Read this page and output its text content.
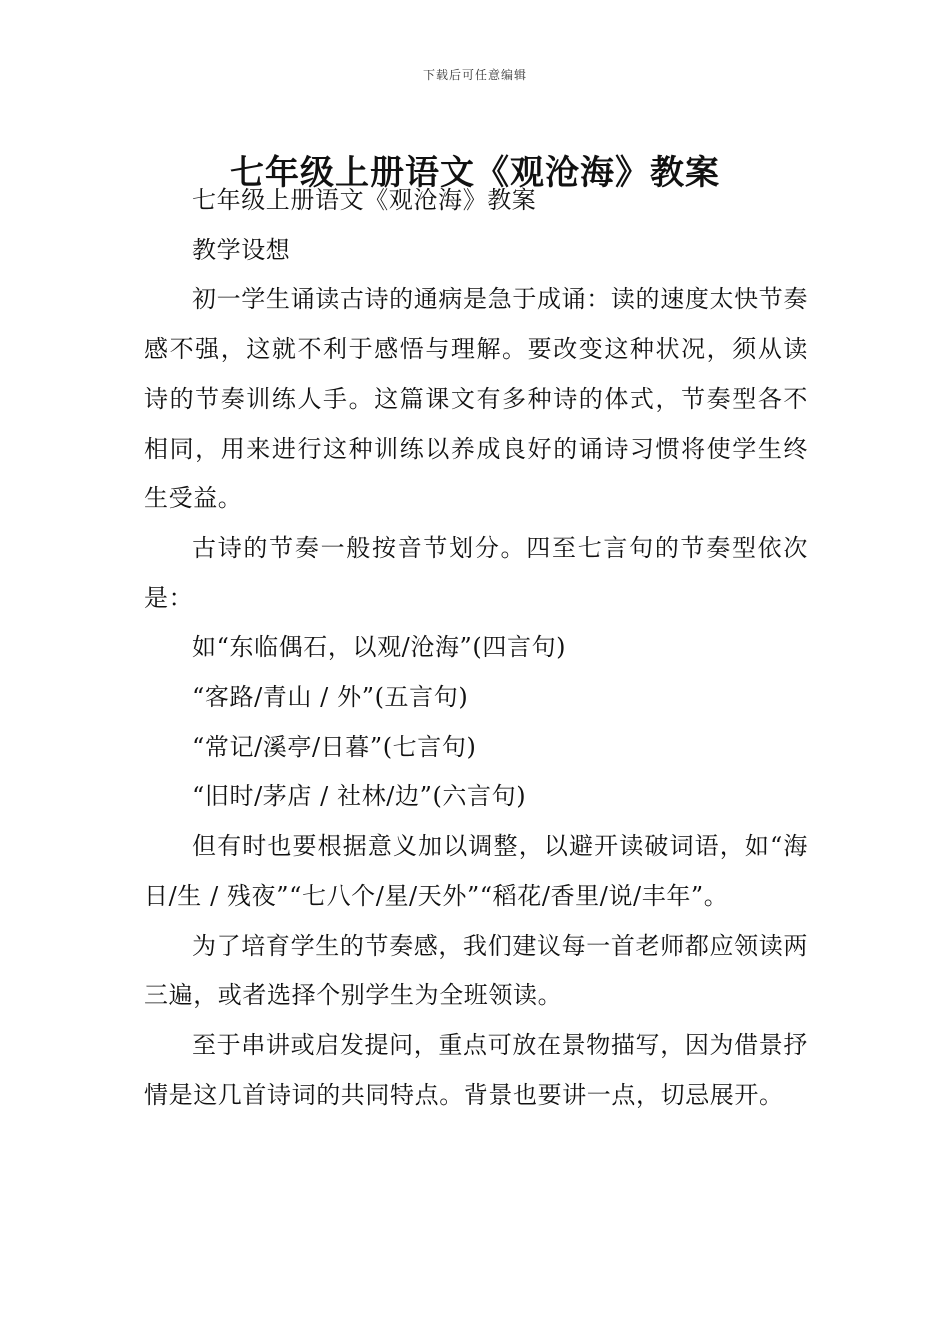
下载后可任意编辑
七年级上册语文《观沧海》教案

七年级上册语文《观沧海》教案

教学设想

初一学生诵读古诗的通病是急于成诵：读的速度太快节奏感不强，这就不利于感悟与理解。要改变这种状况，须从读诗的节奏训练人手。这篇课文有多种诗的体式，节奏型各不相同，用来进行这种训练以养成良好的诵诗习惯将使学生终生受益。

古诗的节奏一般按音节划分。四至七言句的节奏型依次是：

如“东临偶石，以观/沧海”(四言句)

“客路/青山 / 外”(五言句)

“常记/溪亭/日暮”(七言句)

“旧时/茅店 / 社林/边”(六言句)

但有时也要根据意义加以调整，以避开读破词语，如“海日/生 / 残夜”“七八个/星/天外”“稻花/香里/说/丰年”。

为了培育学生的节奏感，我们建议每一首老师都应领读两三遍，或者选择个别学生为全班领读。

至于串讲或启发提问，重点可放在景物描写，因为借景抒情是这几首诗词的共同特点。背景也要讲一点，切忌展开。
